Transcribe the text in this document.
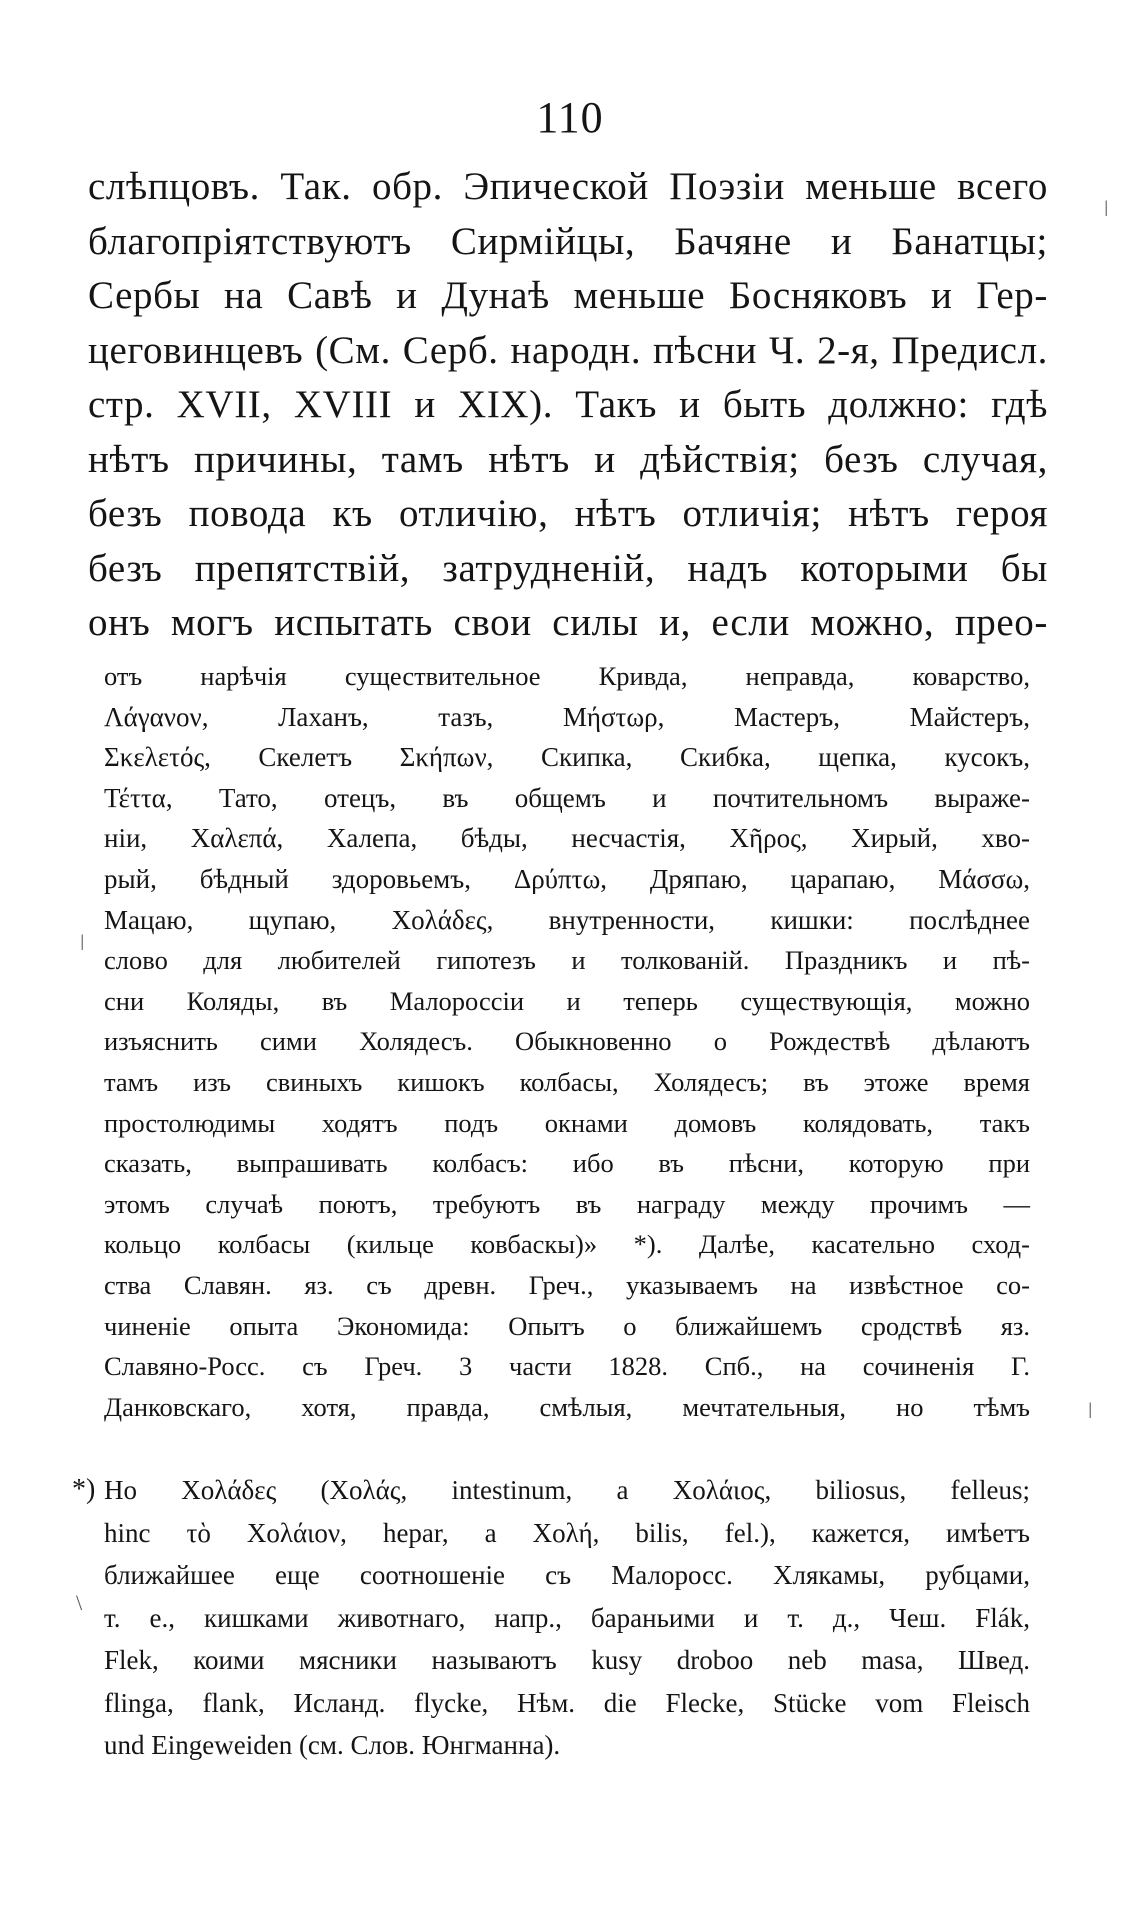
110
слѣпцовъ. Так. обр. Эпической Поэзіи меньше всего
благопріятствуютъ Сирмійцы, Бачяне и Банатцы;
Сербы на Савѣ и Дунаѣ меньше Босняковъ и Гер-
цеговинцевъ (См. Серб. народн. пѣсни Ч. 2-я, Предисл.
стр. XVII, XVIII и XIX). Такъ и быть должно: гдѣ
нѣтъ причины, тамъ нѣтъ и дѣйствія; безъ случая,
безъ повода къ отличію, нѣтъ отличія; нѣтъ героя
безъ препятствій, затрудненій, надъ которыми бы
онъ могъ испытать свои силы и, если можно, прео-
отъ нарѣчія существительное Кривда, неправда, коварство,
Λάγανον, Лаханъ, тазъ, Μήστωρ, Мастеръ, Майстеръ,
Σκελετός, Скелетъ Σκήπων, Скипка, Скибка, щепка, кусокъ,
Τέττα, Тато, отецъ, въ общемъ и почтительномъ выраже-
ніи, Χαλεπά, Халепа, бѣды, несчастія, Χῆρος, Хирый, хво-
рый, бѣдный здоровьемъ, Δρύπτω, Дряпаю, царапаю, Μάσσω,
Мацаю, щупаю, Χολάδες, внутренности, кишки: послѣднее
слово для любителей гипотезъ и толкованій. Праздникъ и пѣ-
сни Коляды, въ Малороссіи и теперь существующія, можно
изъяснить сими Холядесъ. Обыкновенно о Рождествѣ дѣлаютъ
тамъ изъ свиныхъ кишокъ колбасы, Холядесъ; въ этоже время
простолюдимы ходятъ подъ окнами домовъ колядовать, такъ
сказать, выпрашивать колбасъ: ибо въ пѣсни, которую при
этомъ случаѣ поютъ, требуютъ въ награду между прочимъ —
кольцо колбасы (кильце ковбаскы)» *). Далѣе, касательно сход-
ства Славян. яз. съ древн. Греч., указываемъ на извѣстное со-
чиненіе опыта Экономида: Опытъ о ближайшемъ сродствѣ яз.
Славяно-Росс. съ Греч. 3 части 1828. Спб., на сочиненія Г.
Данковскаго, хотя, правда, смѣлыя, мечтательныя, но тѣмъ
*) Но Χολάδες (Χολάς, intestinum, a Χολάιος, biliosus, felleus;
hinc τὸ Χολάιον, hepar, a Χολή, bilis, fel.), кажется, имѣетъ
ближайшее еще соотношеніе съ Малоросс. Хлякамы, рубцами,
т. е., кишками животнаго, напр., бараньими и т. д., Чеш. Flák,
Flek, коими мясники называютъ kusy droboo neb masa, Швед.
flinga, flank, Исланд. flycke, Нѣм. die Flecke, Stücke vom Fleisch
und Eingeweiden (см. Слов. Юнгманна).
ǀ
ǀ
ǀ
\
